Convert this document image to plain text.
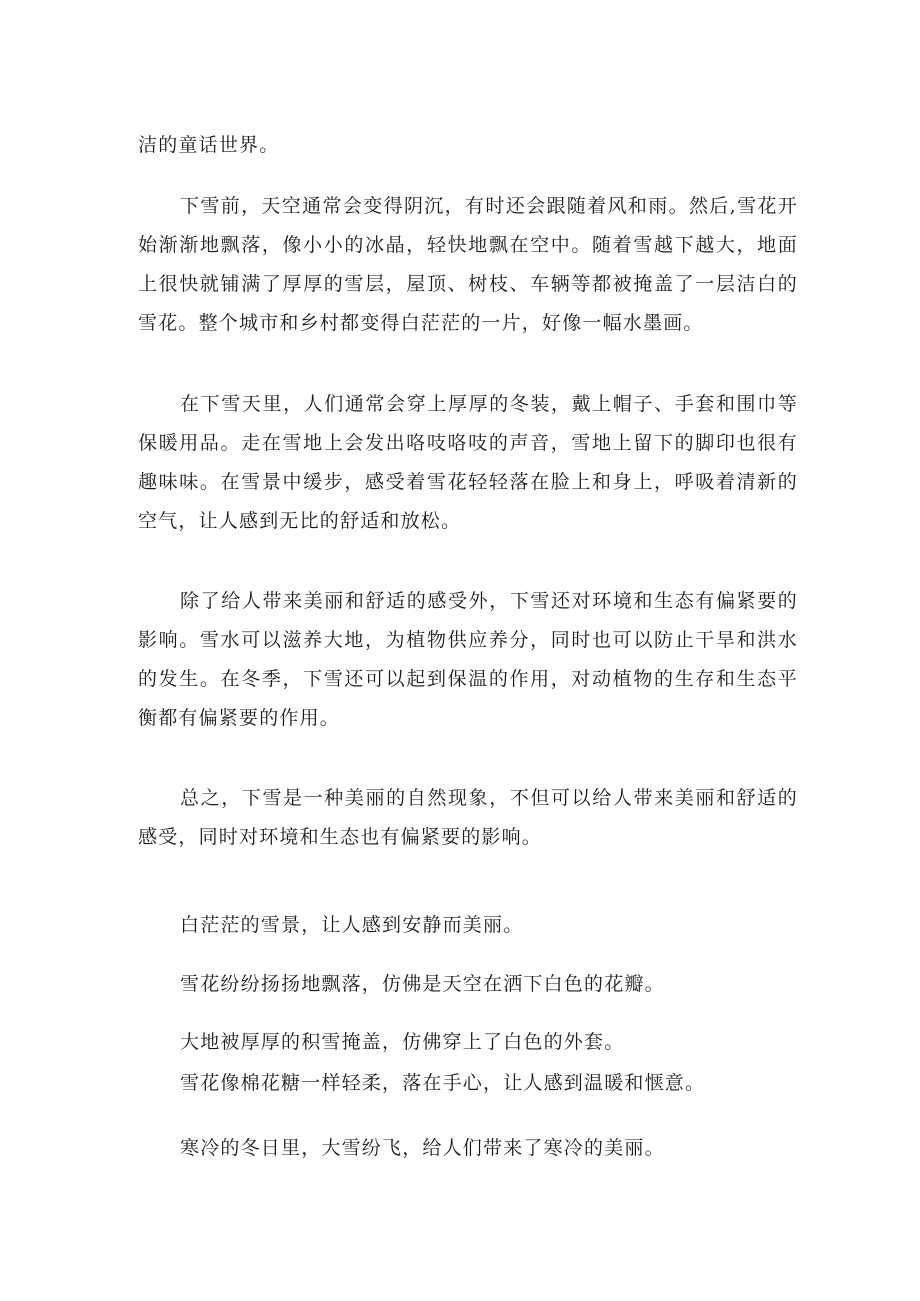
洁的童话世界。

下雪前，天空通常会变得阴沉，有时还会跟随着风和雨。然后,雪花开始渐渐地飘落，像小小的冰晶，轻快地飘在空中。随着雪越下越大，地面上很快就铺满了厚厚的雪层，屋顶、树枝、车辆等都被掩盖了一层洁白的雪花。整个城市和乡村都变得白茫茫的一片，好像一幅水墨画。

在下雪天里，人们通常会穿上厚厚的冬装，戴上帽子、手套和围巾等保暖用品。走在雪地上会发出咯吱咯吱的声音，雪地上留下的脚印也很有趣味味。在雪景中缓步，感受着雪花轻轻落在脸上和身上，呼吸着清新的空气，让人感到无比的舒适和放松。

除了给人带来美丽和舒适的感受外，下雪还对环境和生态有偏紧要的影响。雪水可以滋养大地，为植物供应养分，同时也可以防止干旱和洪水的发生。在冬季，下雪还可以起到保温的作用，对动植物的生存和生态平衡都有偏紧要的作用。

总之，下雪是一种美丽的自然现象，不但可以给人带来美丽和舒适的感受，同时对环境和生态也有偏紧要的影响。

白茫茫的雪景，让人感到安静而美丽。

雪花纷纷扬扬地飘落，仿佛是天空在洒下白色的花瓣。

大地被厚厚的积雪掩盖，仿佛穿上了白色的外套。

雪花像棉花糖一样轻柔，落在手心，让人感到温暖和惬意。

寒冷的冬日里，大雪纷飞，给人们带来了寒冷的美丽。
